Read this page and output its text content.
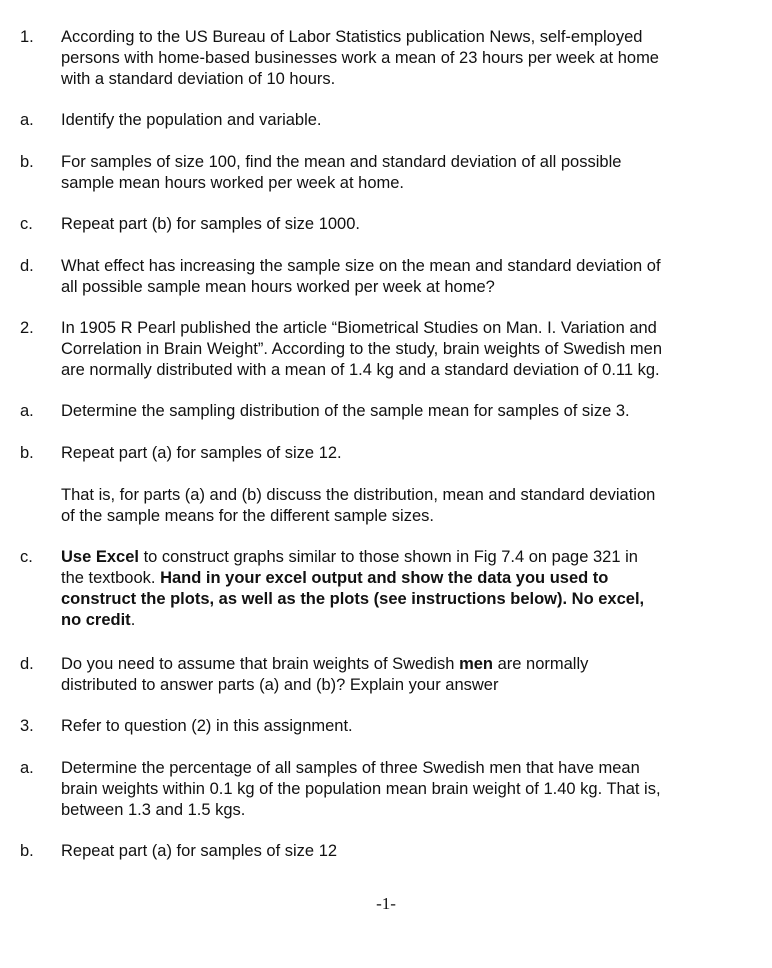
1. According to the US Bureau of Labor Statistics publication News, self-employed
persons with home-based businesses work a mean of 23 hours per week at home
with a standard deviation of 10 hours.

a. Identify the population and variable.

b. For samples of size 100, find the mean and standard deviation of all possible
sample mean hours worked per week at home.

c. Repeat part (b) for samples of size 1000.

d. What effect has increasing the sample size on the mean and standard deviation of
all possible sample mean hours worked per week at home?

2. In 1905 R Pearl published the article “Biometrical Studies on Man. I. Variation and
Correlation in Brain Weight”. According to the study, brain weights of Swedish men
are normally distributed with a mean of 1.4 kg and a standard deviation of 0.11 kg.

a. Determine the sampling distribution of the sample mean for samples of size 3.

b. Repeat part (a) for samples of size 12.

That is, for parts (a) and (b) discuss the distribution, mean and standard deviation
of the sample means for the different sample sizes.

c. Use Excel to construct graphs similar to those shown in Fig 7.4 on page 321 in
the textbook. Hand in your excel output and show the data you used to
construct the plots, as well as the plots (see instructions below). No excel,
no credit.

d. Do you need to assume that brain weights of Swedish men are normally
distributed to answer parts (a) and (b)? Explain your answer

3. Refer to question (2) in this assignment.

a. Determine the percentage of all samples of three Swedish men that have mean
brain weights within 0.1 kg of the population mean brain weight of 1.40 kg. That is,
between 1.3 and 1.5 kgs.

b. Repeat part (a) for samples of size 12

-1-
